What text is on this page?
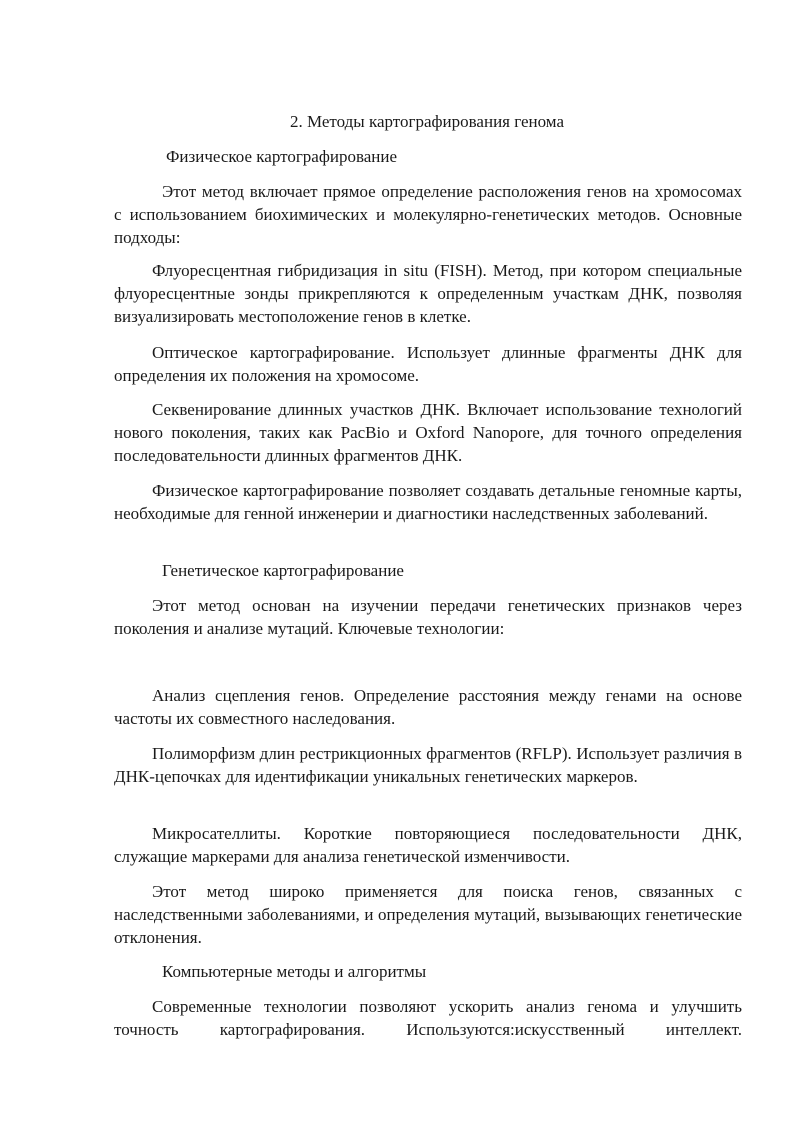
2. Методы картографирования генома

Физическое картографирование

Этот метод включает прямое определение расположения генов на хромосомах с использованием биохимических и молекулярно-генетических методов. Основные подходы:

Флуоресцентная гибридизация in situ (FISH). Метод, при котором специальные флуоресцентные зонды прикрепляются к определенным участкам ДНК, позволяя визуализировать местоположение генов в клетке.

Оптическое картографирование. Использует длинные фрагменты ДНК для определения их положения на хромосоме.

Секвенирование длинных участков ДНК. Включает использование технологий нового поколения, таких как PacBio и Oxford Nanopore, для точного определения последовательности длинных фрагментов ДНК.

Физическое картографирование позволяет создавать детальные геномные карты, необходимые для генной инженерии и диагностики наследственных заболеваний.

Генетическое картографирование

Этот метод основан на изучении передачи генетических признаков через поколения и анализе мутаций. Ключевые технологии:

Анализ сцепления генов. Определение расстояния между генами на основе частоты их совместного наследования.

Полиморфизм длин рестрикционных фрагментов (RFLP). Использует различия в ДНК-цепочках для идентификации уникальных генетических маркеров.

Микросателлиты. Короткие повторяющиеся последовательности ДНК, служащие маркерами для анализа генетической изменчивости.

Этот метод широко применяется для поиска генов, связанных с наследственными заболеваниями, и определения мутаций, вызывающих генетические отклонения.

Компьютерные методы и алгоритмы

Современные технологии позволяют ускорить анализ генома и улучшить точность картографирования. Используются:искусственный интеллект.
